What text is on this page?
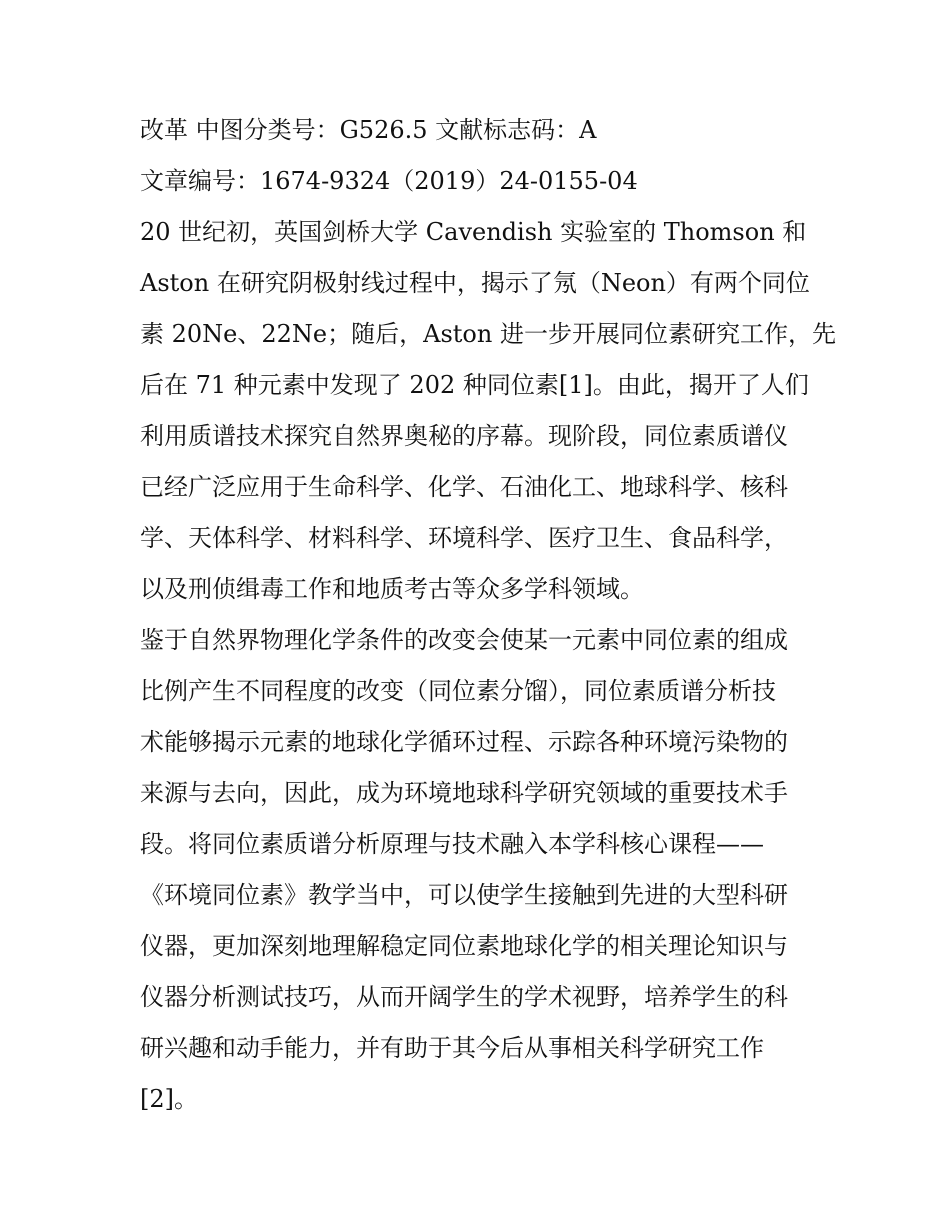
改革 中图分类号：G526.5 文献标志码：A
文章编号：1674-9324（2019）24-0155-04
20 世纪初，英国剑桥大学 Cavendish 实验室的 Thomson 和
Aston 在研究阴极射线过程中，揭示了氖（Neon）有两个同位
素 20Ne、22Ne；随后，Aston 进一步开展同位素研究工作，先
后在 71 种元素中发现了 202 种同位素[1]。由此，揭开了人们
利用质谱技术探究自然界奥秘的序幕。现阶段，同位素质谱仪
已经广泛应用于生命科学、化学、石油化工、地球科学、核科
学、天体科学、材料科学、环境科学、医疗卫生、食品科学，
以及刑侦缉毒工作和地质考古等众多学科领域。
鉴于自然界物理化学条件的改变会使某一元素中同位素的组成
比例产生不同程度的改变（同位素分馏），同位素质谱分析技
术能够揭示元素的地球化学循环过程、示踪各种环境污染物的
来源与去向，因此，成为环境地球科学研究领域的重要技术手
段。将同位素质谱分析原理与技术融入本学科核心课程——
《环境同位素》教学当中，可以使学生接触到先进的大型科研
仪器，更加深刻地理解稳定同位素地球化学的相关理论知识与
仪器分析测试技巧，从而开阔学生的学术视野，培养学生的科
研兴趣和动手能力，并有助于其今后从事相关科学研究工作
[2]。
